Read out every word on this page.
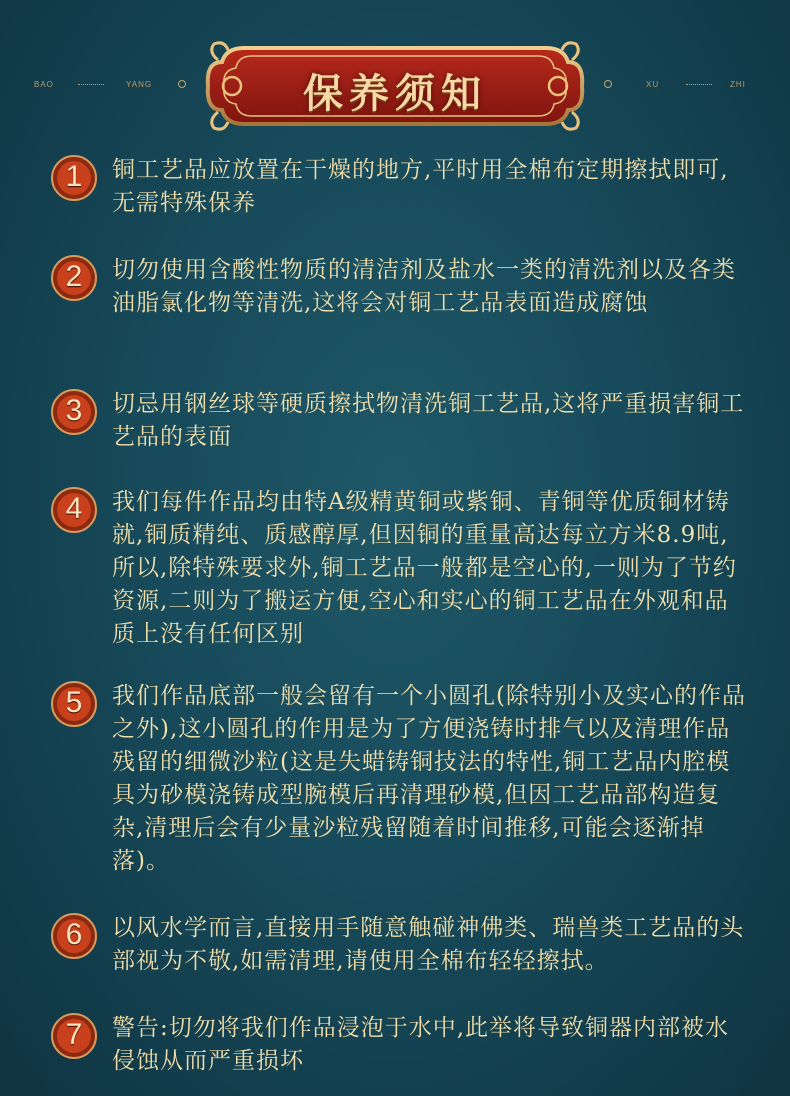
BAO	YANG	保养须知	XU	ZHI
1	铜工艺品应放置在干燥的地方,平时用全棉布定期擦拭即可,无需特殊保养
2	切勿使用含酸性物质的清洁剂及盐水一类的清洗剂以及各类油脂氯化物等清洗,这将会对铜工艺品表面造成腐蚀
3	切忌用钢丝球等硬质擦拭物清洗铜工艺品,这将严重损害铜工艺品的表面
4	我们每件作品均由特A级精黄铜或紫铜、青铜等优质铜材铸就,铜质精纯、质感醇厚,但因铜的重量高达每立方米8.9吨,所以,除特殊要求外,铜工艺品一般都是空心的,一则为了节约资源,二则为了搬运方便,空心和实心的铜工艺品在外观和品质上没有任何区别
5	我们作品底部一般会留有一个小圆孔(除特别小及实心的作品之外),这小圆孔的作用是为了方便浇铸时排气以及清理作品残留的细微沙粒(这是失蜡铸铜技法的特性,铜工艺品内腔模具为砂模浇铸成型腕模后再清理砂模,但因工艺品部构造复杂,清理后会有少量沙粒残留随着时间推移,可能会逐渐掉落)。
6	以风水学而言,直接用手随意触碰神佛类、瑞兽类工艺品的头部视为不敬,如需清理,请使用全棉布轻轻擦拭。
7	警告:切勿将我们作品浸泡于水中,此举将导致铜器内部被水侵蚀从而严重损坏
